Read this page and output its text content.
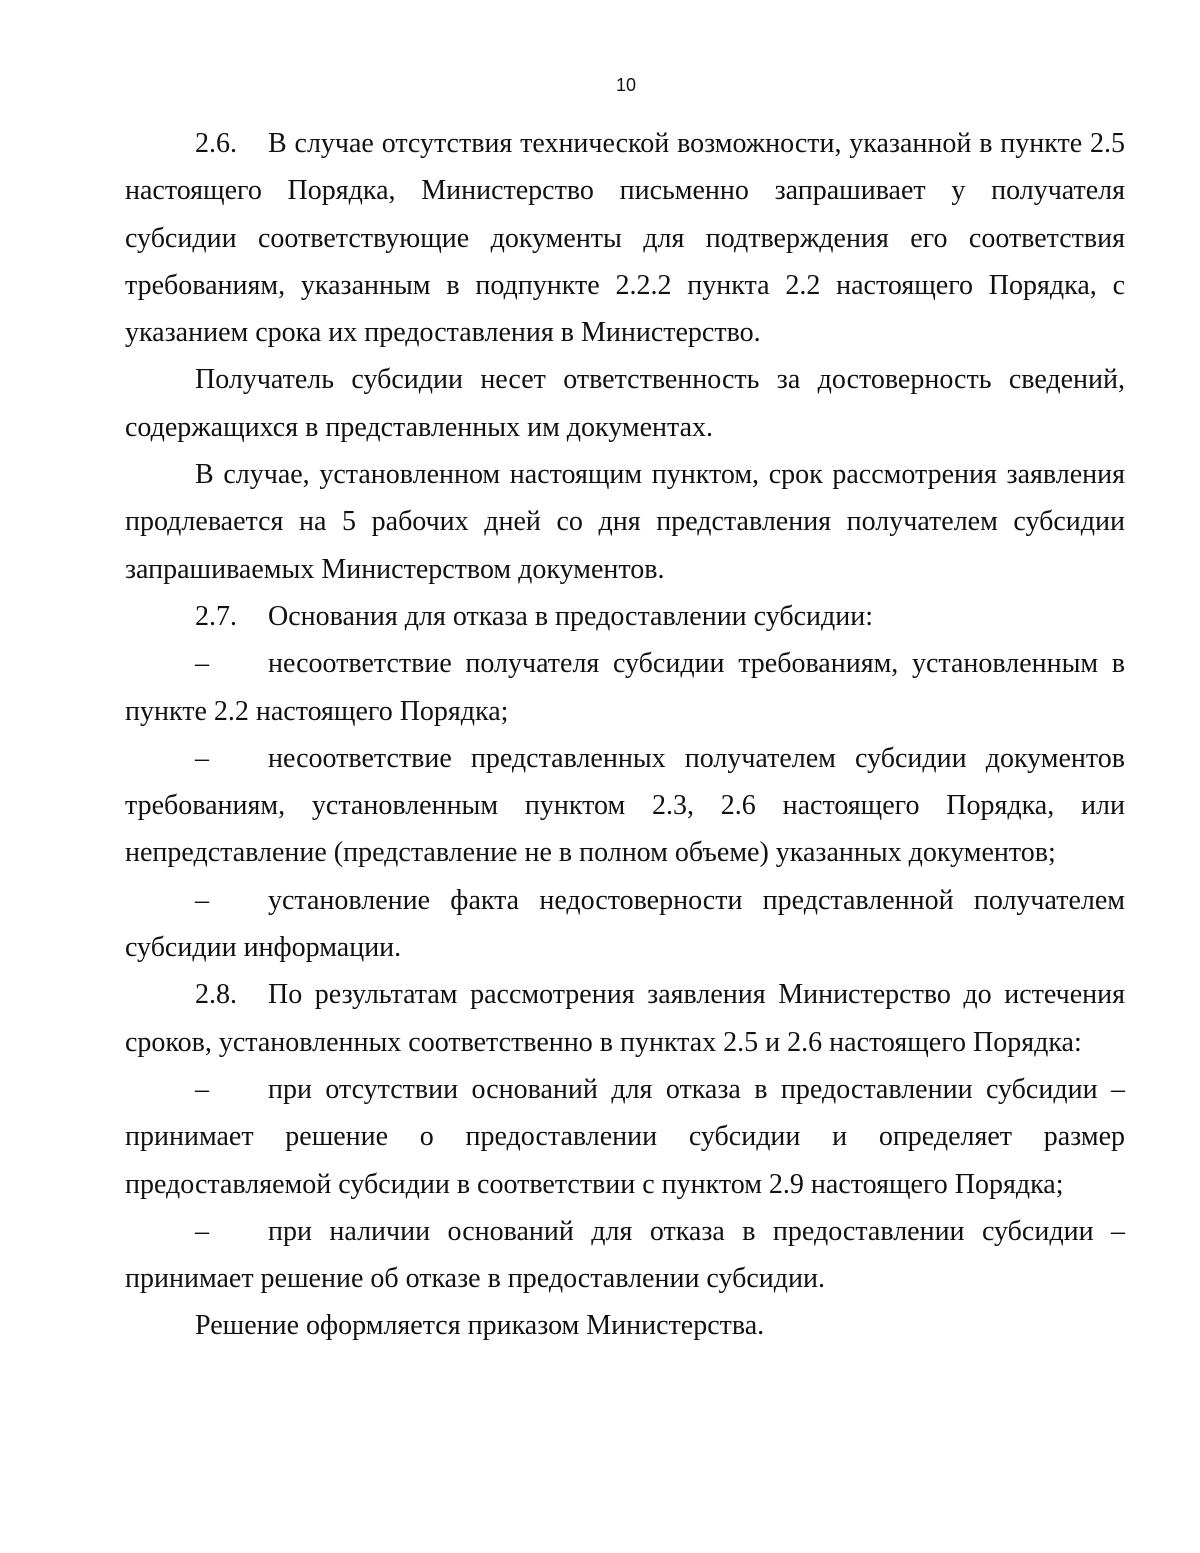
10

2.6. В случае отсутствия технической возможности, указанной в пункте 2.5 настоящего Порядка, Министерство письменно запрашивает у получателя субсидии соответствующие документы для подтверждения его соответствия требованиям, указанным в подпункте 2.2.2 пункта 2.2 настоящего Порядка, с указанием срока их предоставления в Министерство.

Получатель субсидии несет ответственность за достоверность сведений, содержащихся в представленных им документах.

В случае, установленном настоящим пунктом, срок рассмотрения заявления продлевается на 5 рабочих дней со дня представления получателем субсидии запрашиваемых Министерством документов.

2.7. Основания для отказа в предоставлении субсидии:

– несоответствие получателя субсидии требованиям, установленным в пункте 2.2 настоящего Порядка;

– несоответствие представленных получателем субсидии документов требованиям, установленным пунктом 2.3, 2.6 настоящего Порядка, или непредставление (представление не в полном объеме) указанных документов;

– установление факта недостоверности представленной получателем субсидии информации.

2.8. По результатам рассмотрения заявления Министерство до истечения сроков, установленных соответственно в пунктах 2.5 и 2.6 настоящего Порядка:

– при отсутствии оснований для отказа в предоставлении субсидии – принимает решение о предоставлении субсидии и определяет размер предоставляемой субсидии в соответствии с пунктом 2.9 настоящего Порядка;

– при наличии оснований для отказа в предоставлении субсидии – принимает решение об отказе в предоставлении субсидии.

Решение оформляется приказом Министерства.
